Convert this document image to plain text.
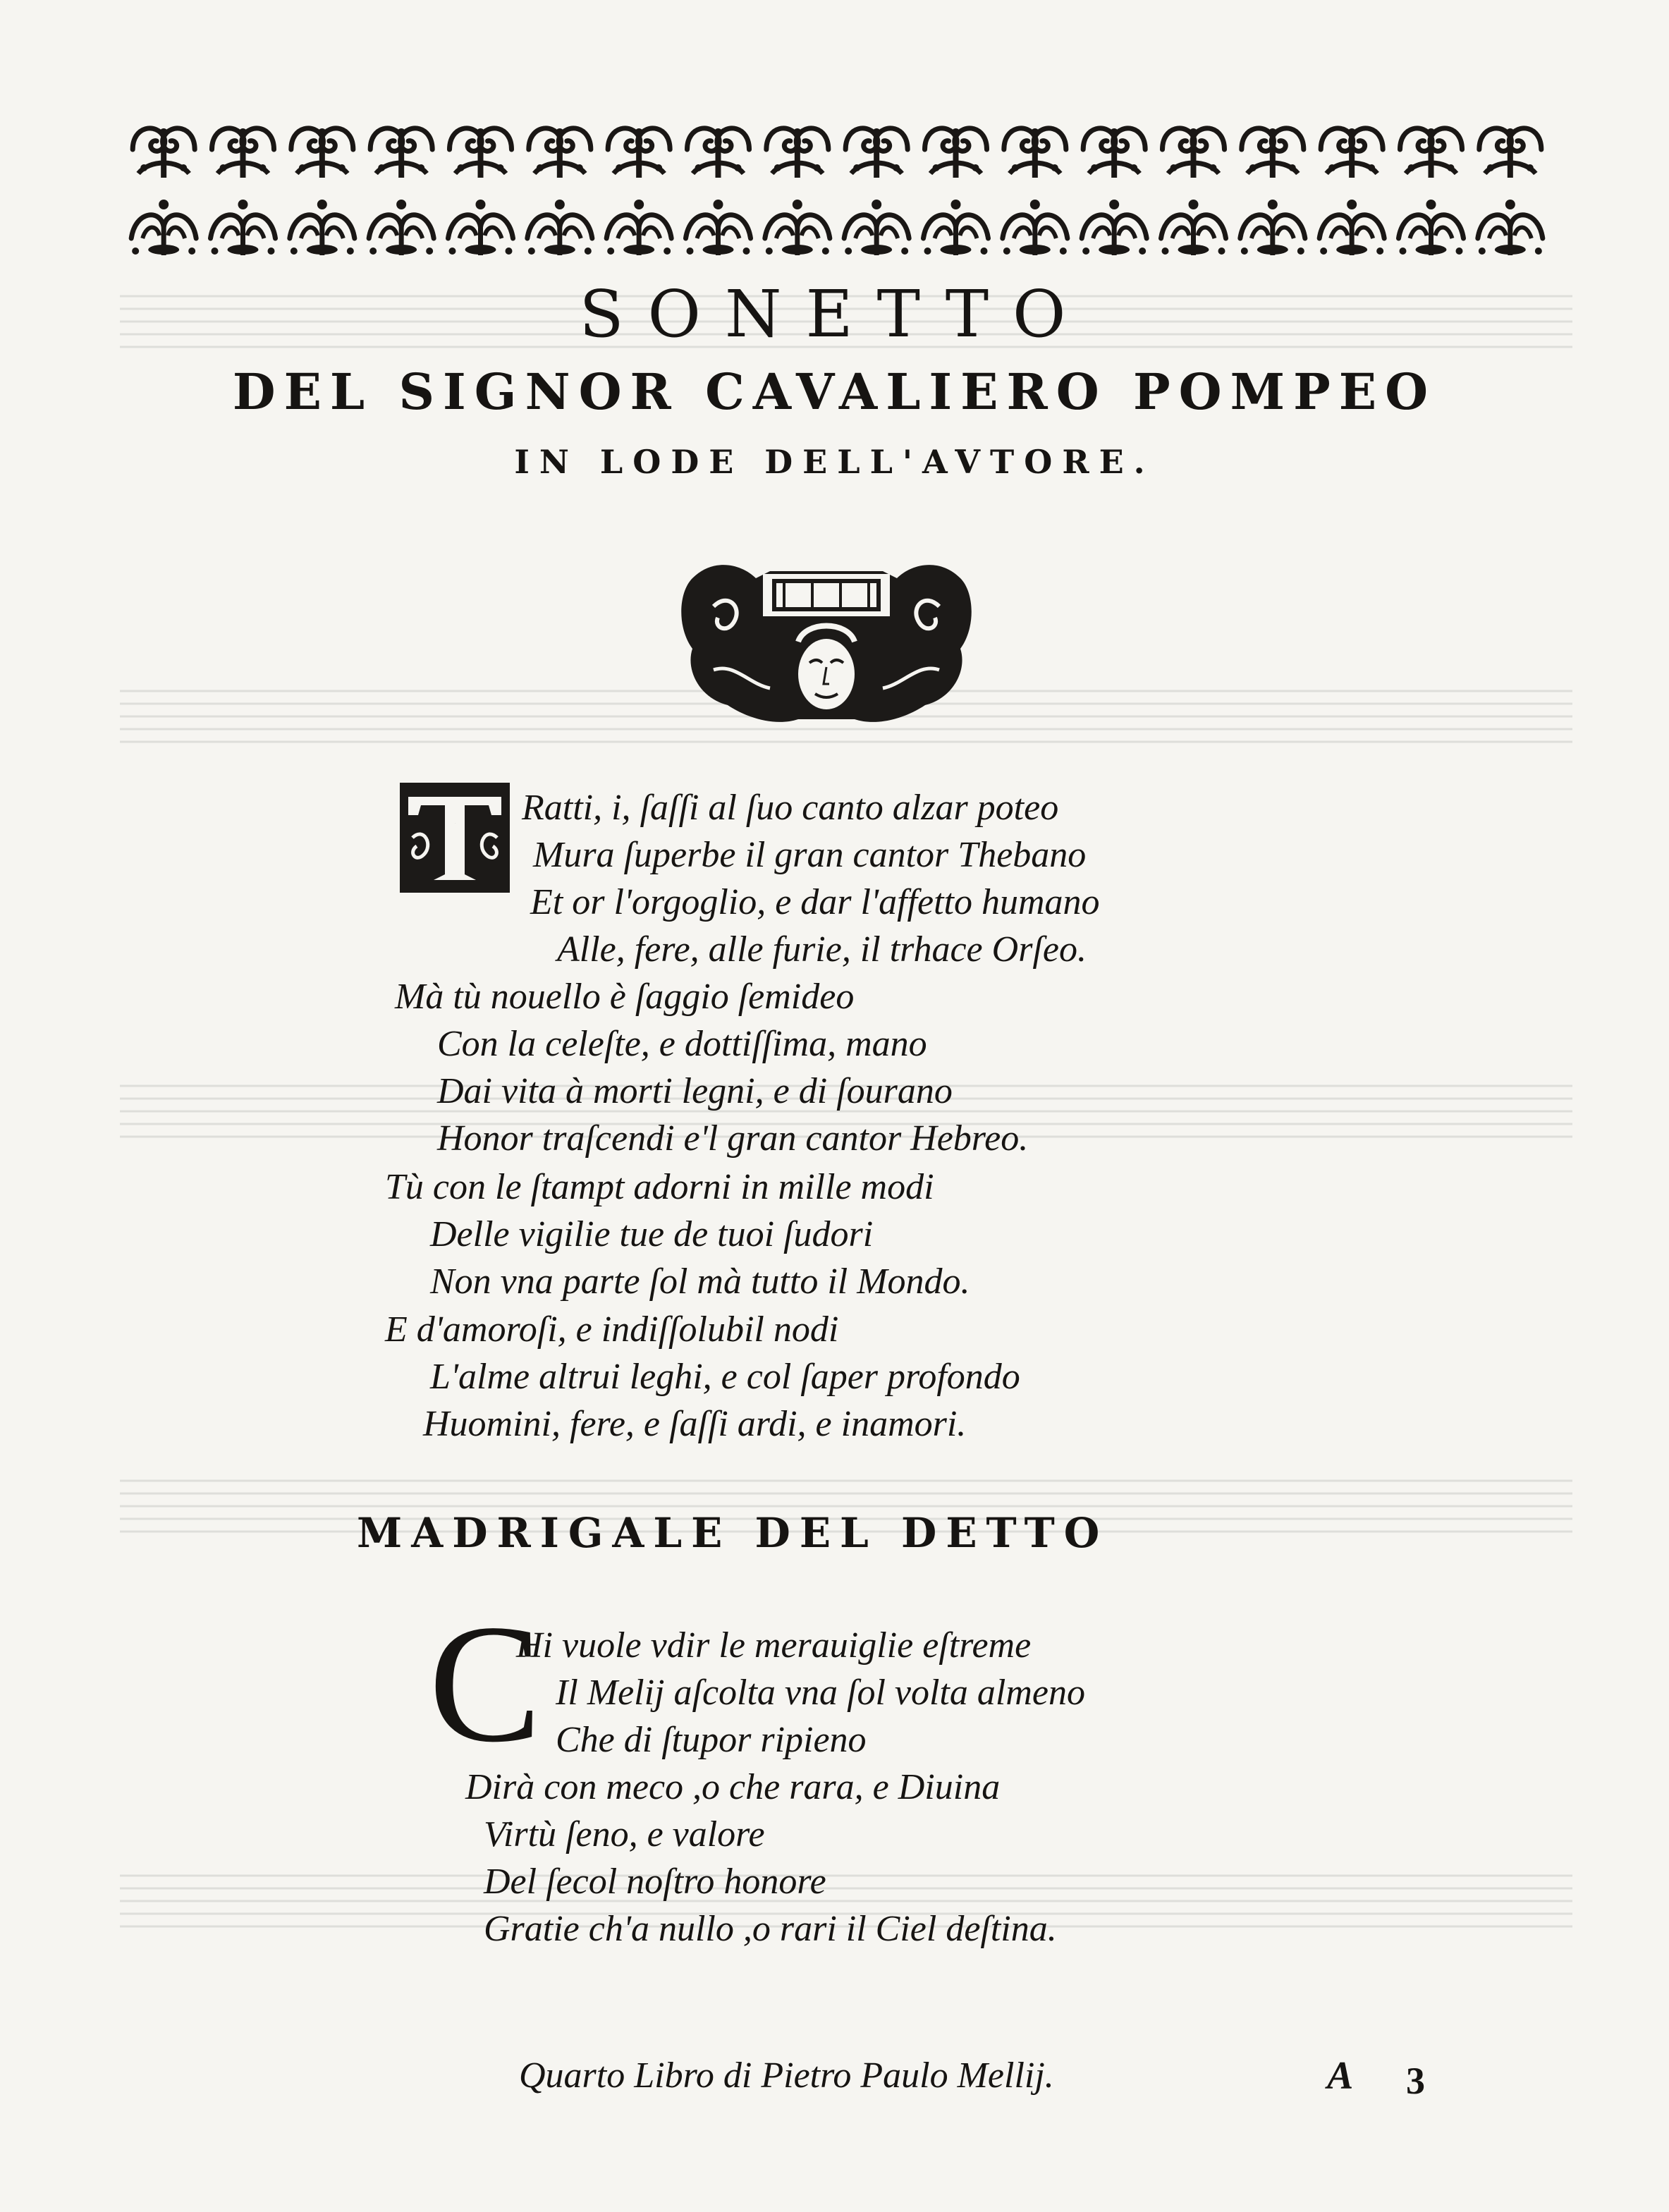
SONETTO
DEL SIGNOR CAVALIERO POMPEO
IN LODE DELL'AVTORE.
T Ratti, i, ſaſſi al ſuo canto alzar poteo
Mura ſuperbe il gran cantor Thebano
Et or l'orgoglio, e dar l'affetto humano
Alle, fere, alle furie, il trhace Orſeo.
Mà tù nouello è ſaggio ſemideo
Con la celeſte, e dottiſſima, mano
Dai vita à morti legni, e di ſourano
Honor traſcendi e'l gran cantor Hebreo.
Tù con le ſtampt adorni in mille modi
Delle vigilie tue de tuoi ſudori
Non vna parte ſol mà tutto il Mondo.
E d'amoroſi, e indiſſolubil nodi
L'alme altrui leghi, e col ſaper profondo
Huomini, fere, e ſaſſi ardi, e inamori.
MADRIGALE DEL DETTO
C
Hi vuole vdir le merauiglie eſtreme
Il Melij aſcolta vna ſol volta almeno
Che di ſtupor ripieno
Dirà con meco ,o che rara, e Diuina
Virtù ſeno, e valore
Del ſecol noſtro honore
Gratie ch'a nullo ,o rari il Ciel deſtina.
Quarto Libro di Pietro Paulo Mellij.	A 3
